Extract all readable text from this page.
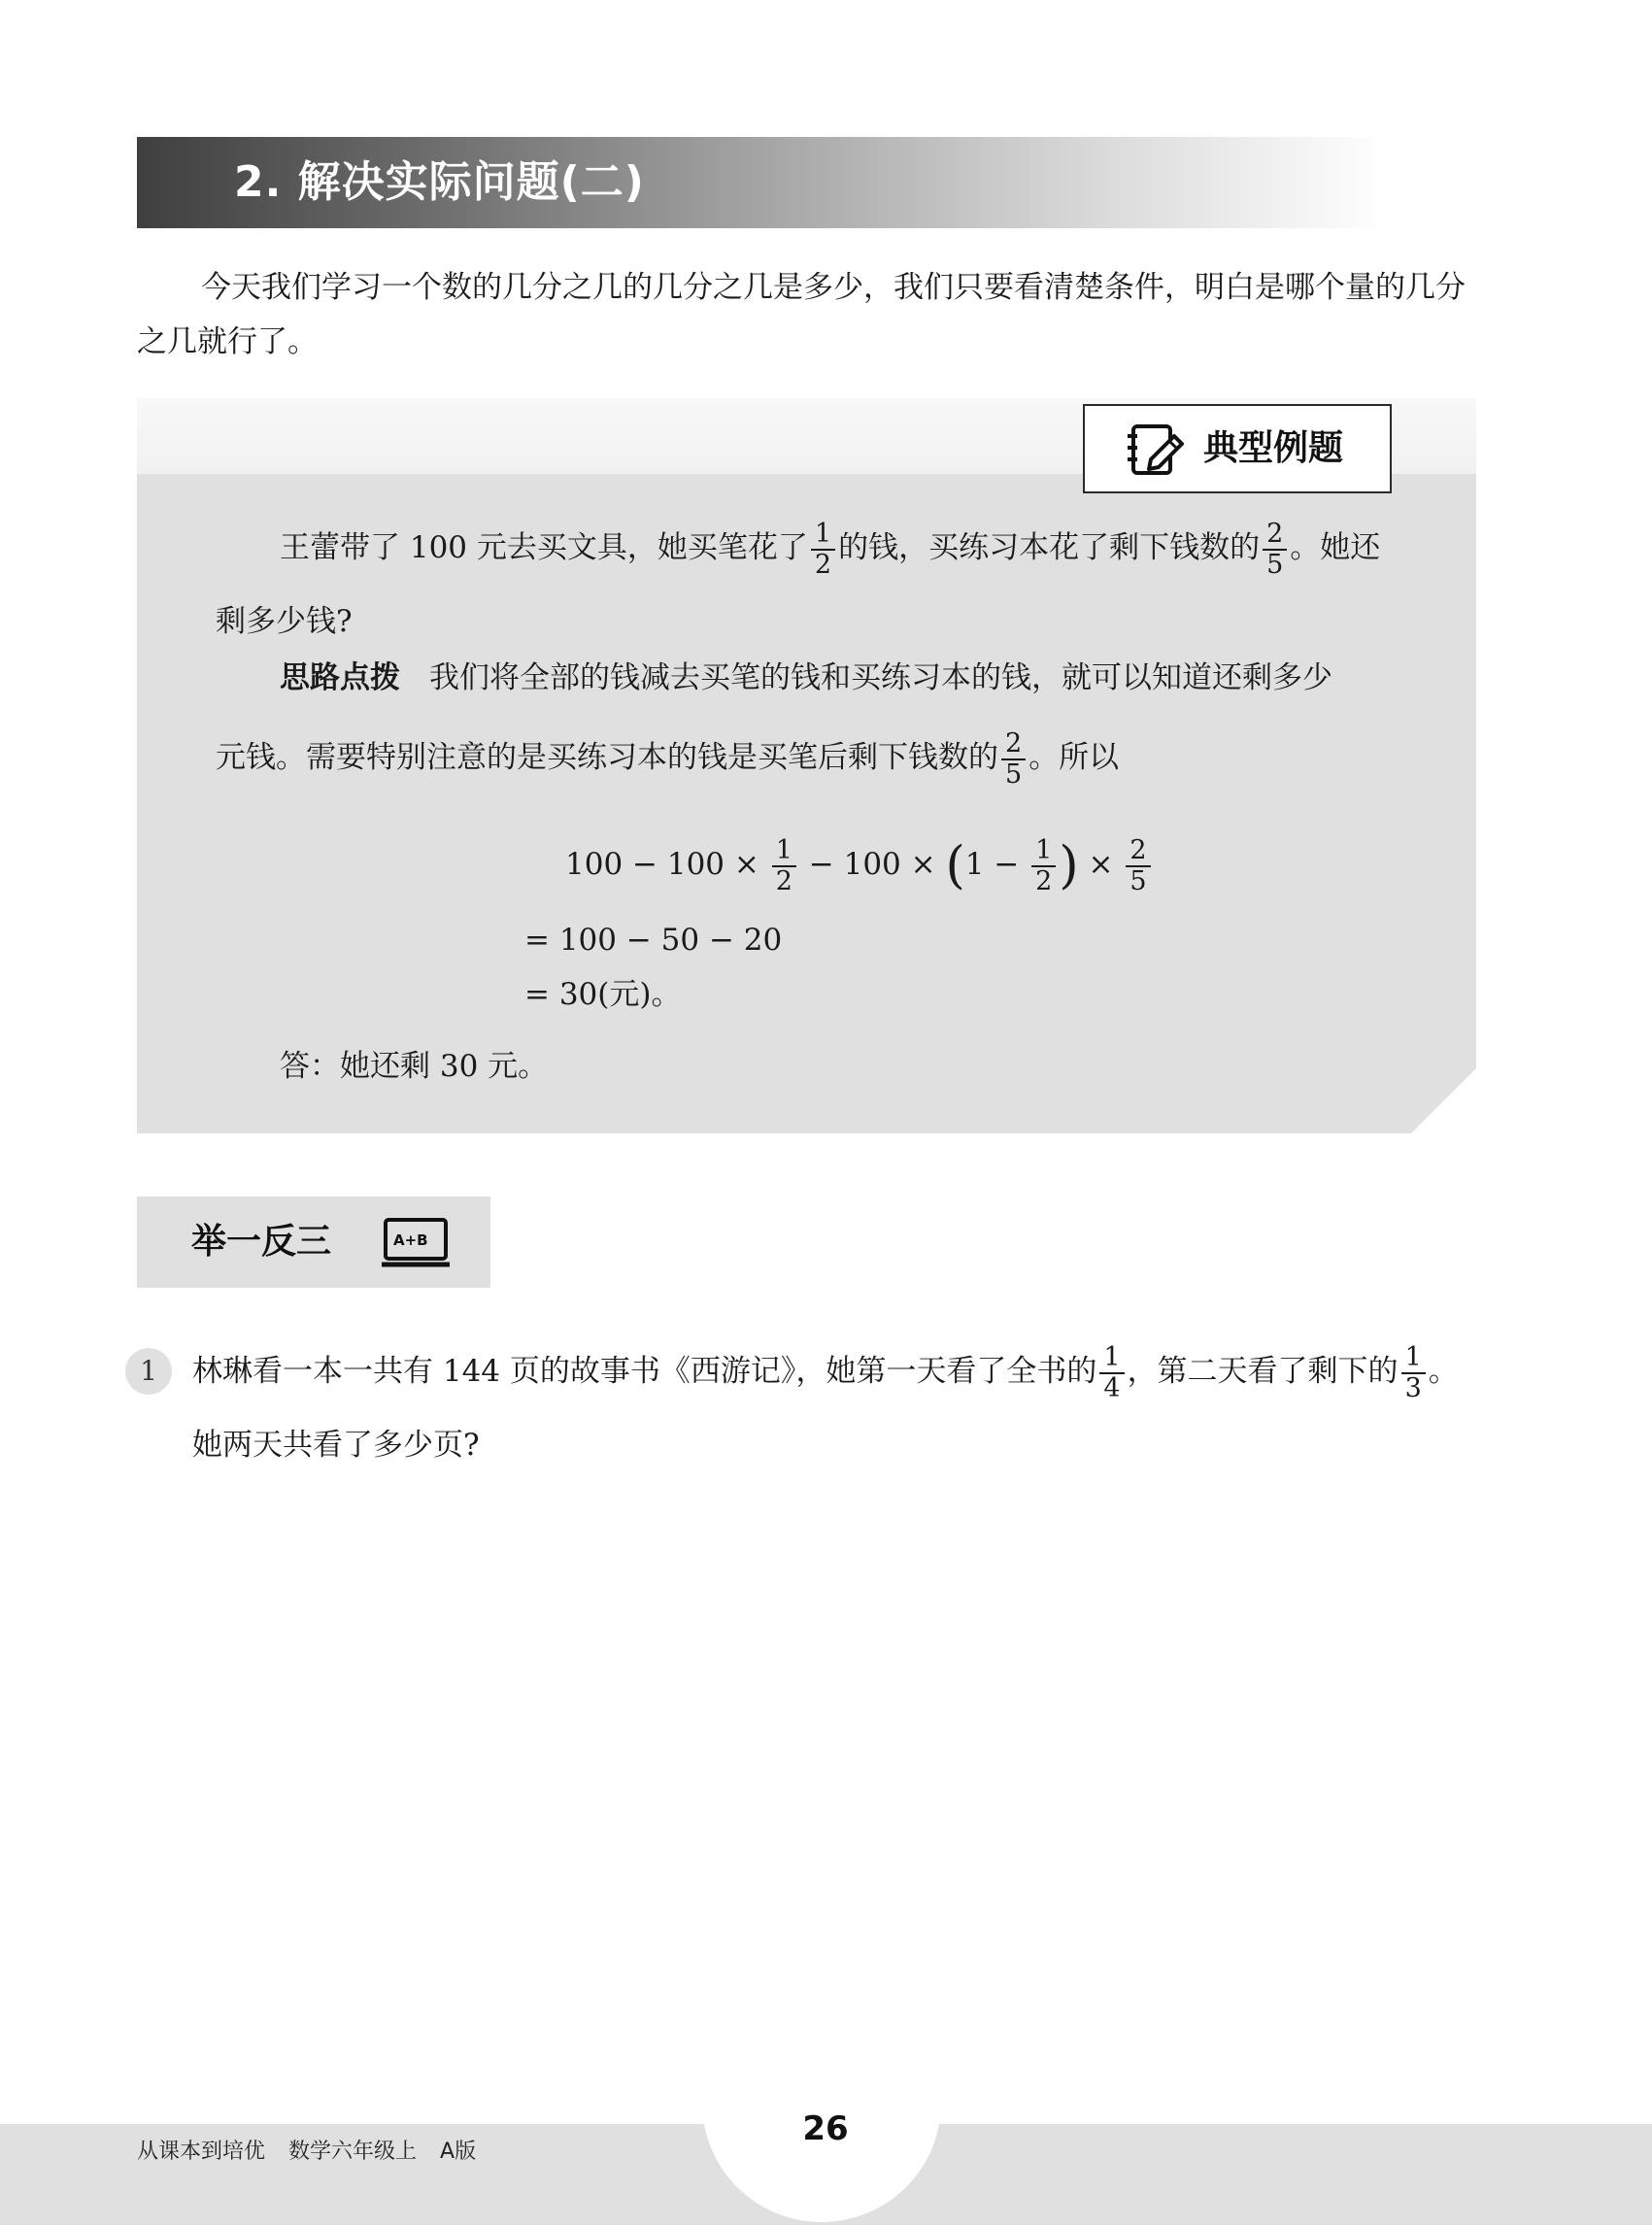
2. 解决实际问题(二)
今天我们学习一个数的几分之几的几分之几是多少，我们只要看清楚条件，明白是哪个量的几分之几就行了。
典型例题
王蕾带了 100 元去买文具，她买笔花了 $\frac{1}{2}$ 的钱，买练习本花了剩下钱数的 $\frac{2}{5}$ 。她还
剩多少钱?
思路点拨 我们将全部的钱减去买笔的钱和买练习本的钱，就可以知道还剩多少
元钱。需要特别注意的是买练习本的钱是买笔后剩下钱数的 $\frac{2}{5}$ 。所以
$100 - 100 \times \frac{1}{2} - 100 \times (1 - \frac{1}{2}$ ) × $\frac{2}{5}$
= 100 − 50 − 20
= 30(元)。
答：她还剩 30 元。
举一反三	A+B
1	林琳看一本一共有 144 页的故事书《西游记》，她第一天看了全书的 $\frac{1}{4}$ ，第二天看了剩下的 $\frac{1}{3}$ 。
她两天共看了多少页?
从课本到培优 数学六年级上 A版
26
